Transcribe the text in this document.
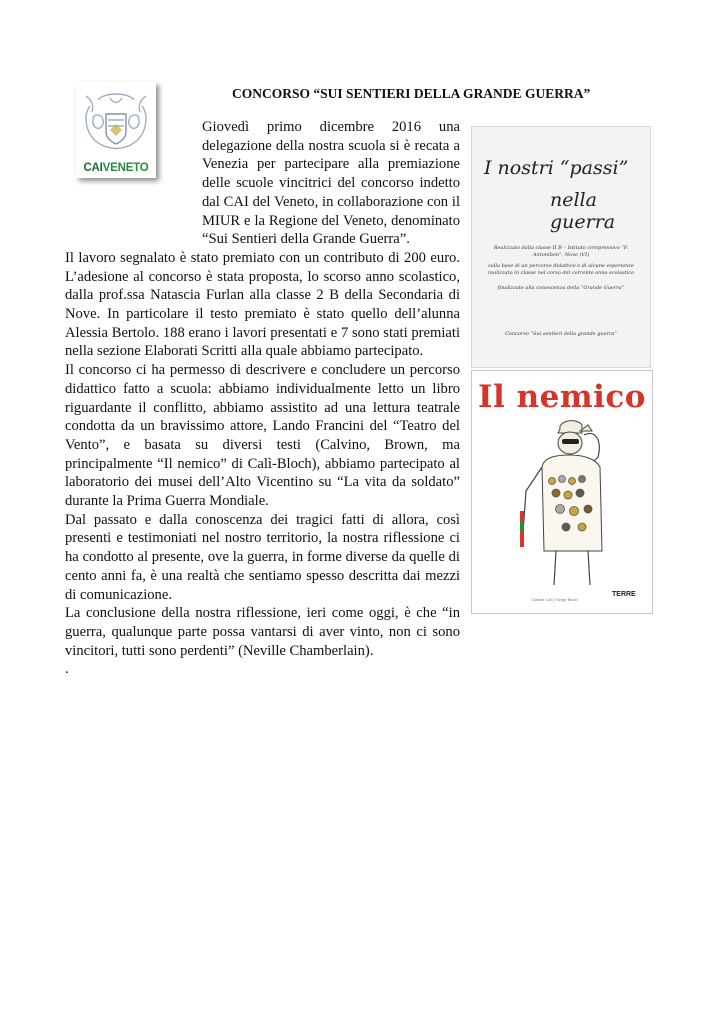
CONCORSO “SUI SENTIERI DELLA GRANDE GUERRA”
CAIVENETO

Giovedì primo dicembre 2016 una delegazione della nostra scuola si è recata a Venezia per partecipare alla premiazione delle scuole vincitrici del concorso indetto dal CAI del Veneto, in collaborazione con il MIUR e la Regione del Veneto, denominato “Sui Sentieri della Grande Guerra”.

Il lavoro segnalato è stato premiato con un contributo di 200 euro. L’adesione al concorso è stata proposta, lo scorso anno scolastico, dalla prof.ssa Natascia Furlan alla classe 2 B della Secondaria di Nove. In particolare il testo premiato è stato quello dell’alunna Alessia Bertolo. 188 erano i lavori presentati e 7 sono stati premiati nella sezione Elaborati Scritti alla quale abbiamo partecipato.

Il concorso ci ha permesso di descrivere e concludere un percorso didattico fatto a scuola: abbiamo individualmente letto un libro riguardante il conflitto, abbiamo assistito ad una lettura teatrale condotta da un bravissimo attore, Lando Francini del “Teatro del Vento”, e basata su diversi testi (Calvino, Brown, ma principalmente “Il nemico” di Calì-Bloch), abbiamo partecipato al laboratorio dei musei dell’Alto Vicentino su “La vita da soldato” durante la Prima Guerra Mondiale.

Dal passato e dalla conoscenza dei tragici fatti di allora, così presenti e testimoniati nel nostro territorio, la nostra riflessione ci ha condotto al presente, ove la guerra, in forme diverse da quelle di cento anni fa, è una realtà che sentiamo spesso descritta dai mezzi di comunicazione.

La conclusione della nostra riflessione, ieri come oggi, è che “in guerra, qualunque parte possa vantarsi di aver vinto, non ci sono vincitori, tutti sono perdenti” (Neville Chamberlain).

.

I nostri “passi”
nella guerra
Realizzato dalla classe II B – Istituto comprensivo “F. Antonibon”- Nove (VI)
sulla base di un percorso didattico e di alcune esperienze realizzato in classe nel corso del corrente anno scolastico
finalizzate alla conoscenza della “Grande Guerra”
Concorso “Sui sentieri della grande guerra”
Il nemico
Davide Calì | Serge Bloch
TERRE
